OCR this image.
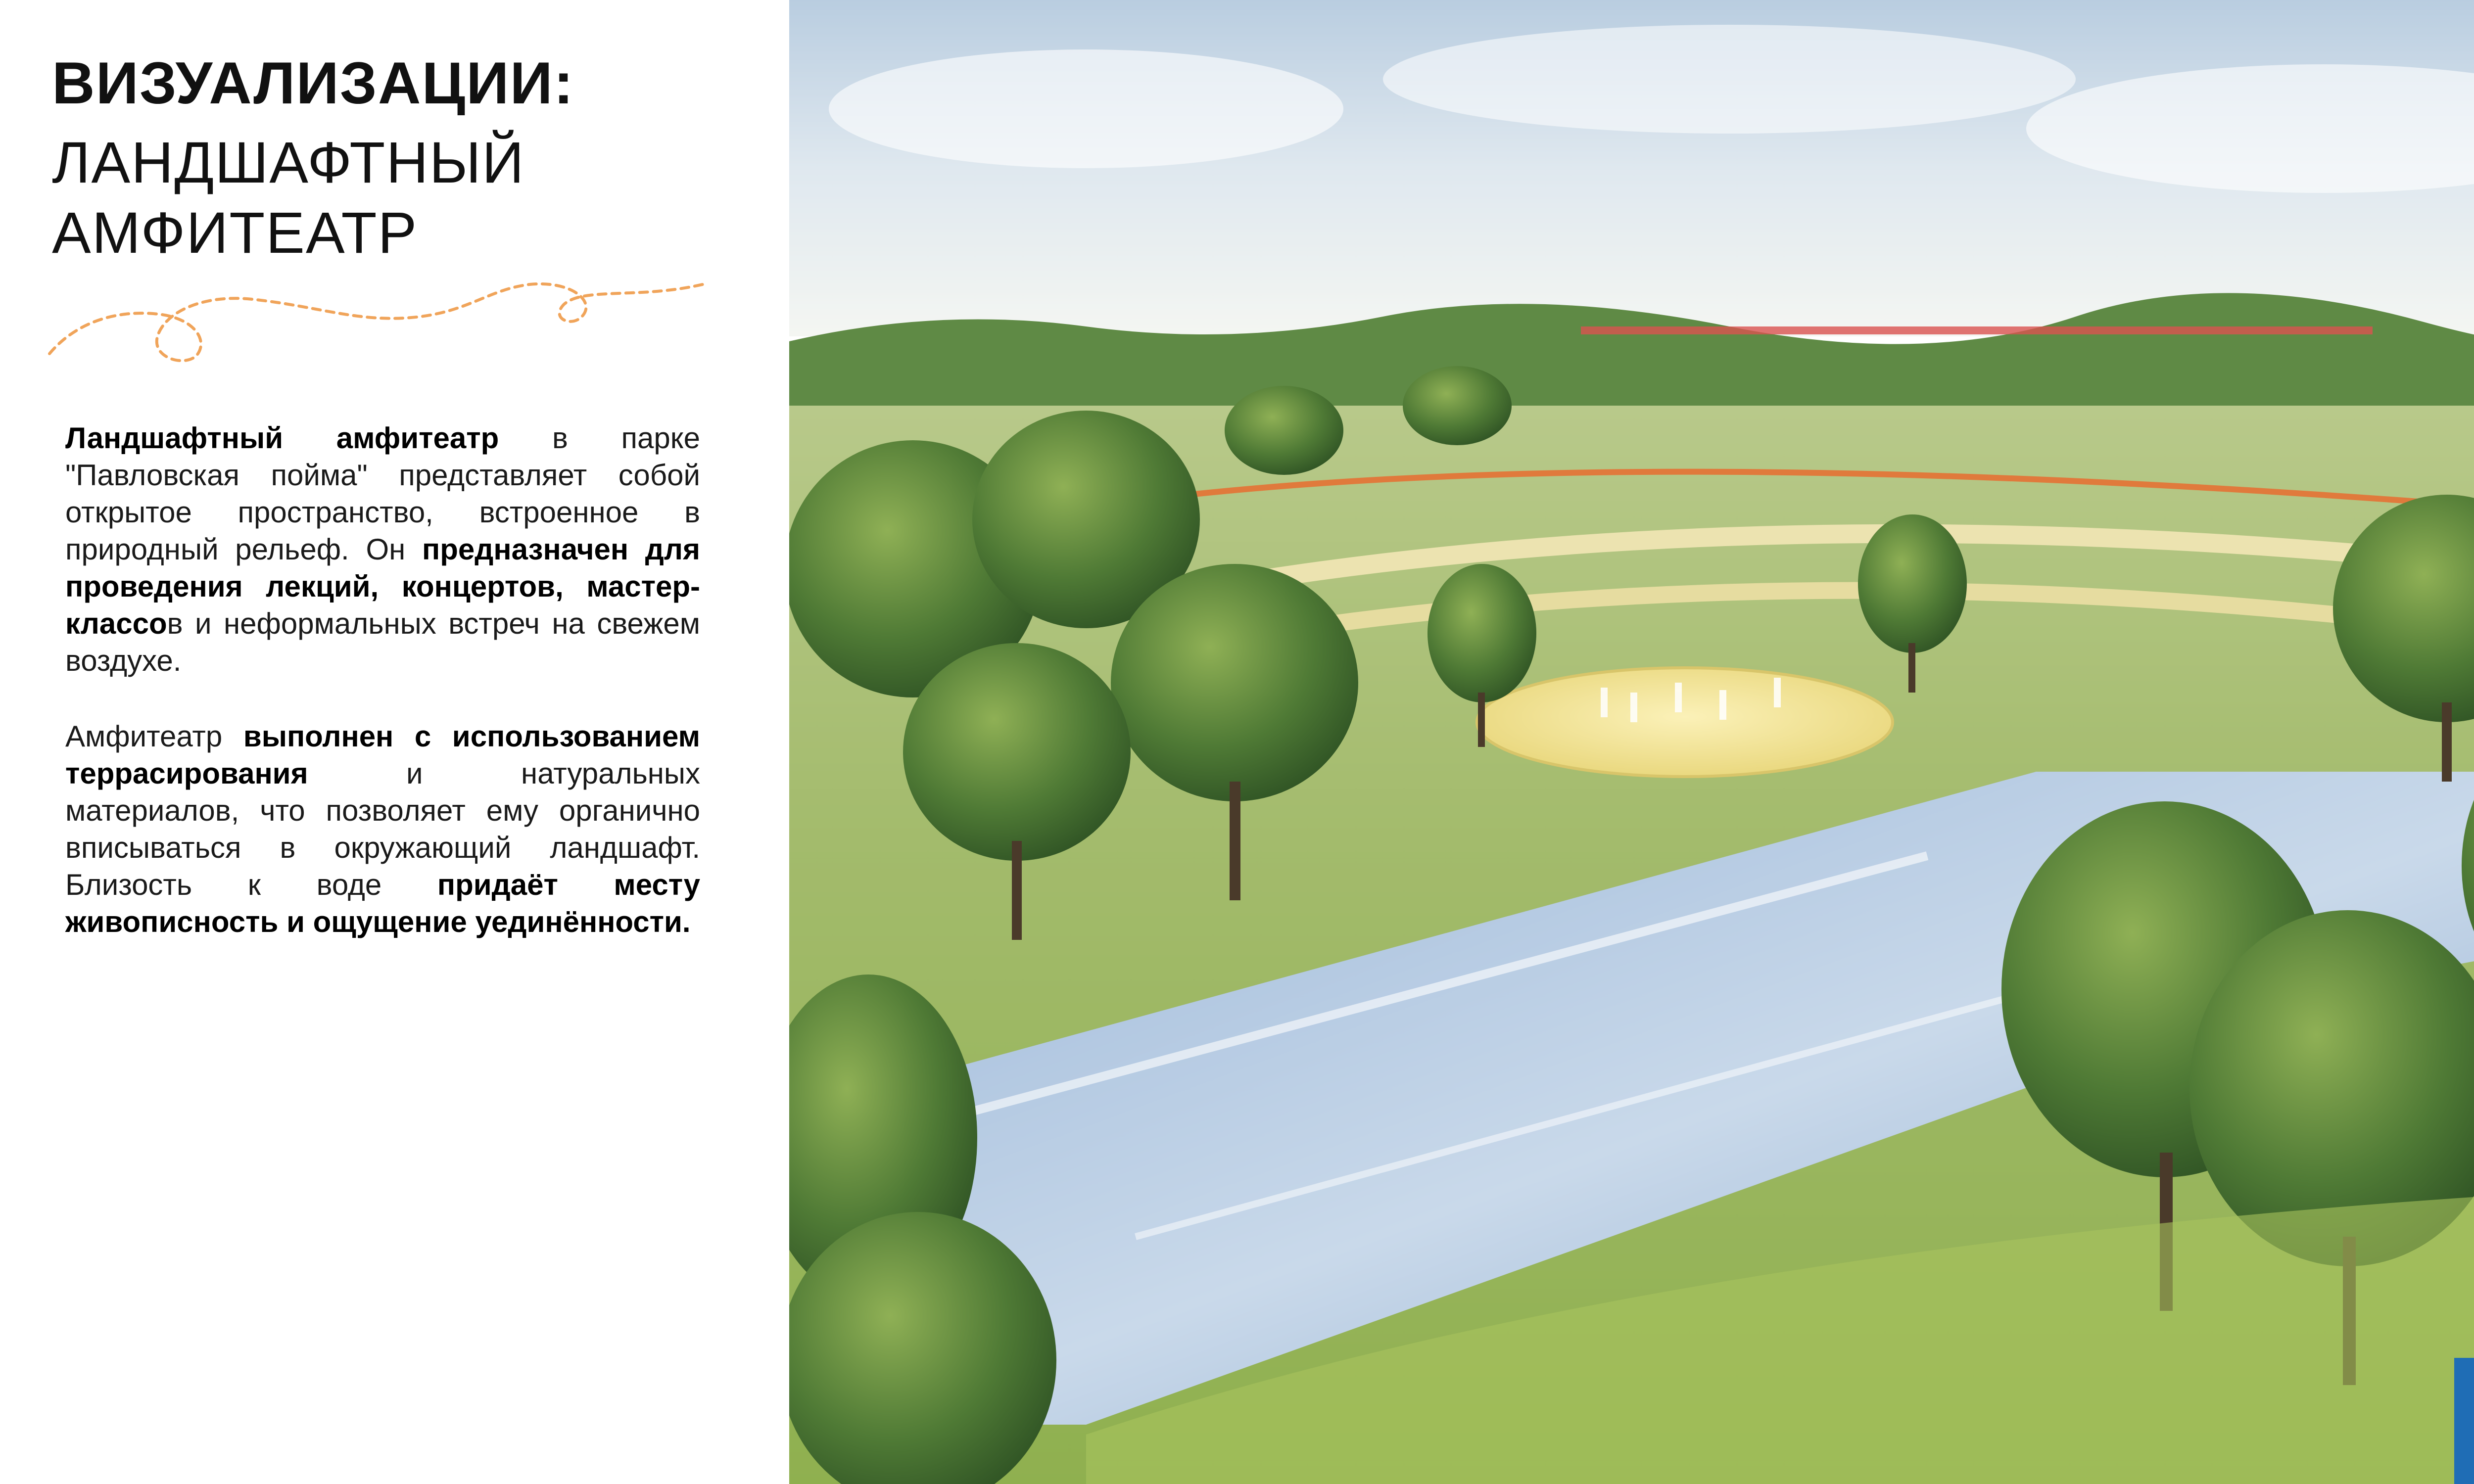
ВИЗУАЛИЗАЦИИ:
ЛАНДШАФТНЫЙ
АМФИТЕАТР

Ландшафтный амфитеатр в парке "Павловская пойма" представляет собой открытое пространство, встроенное в природный рельеф. Он предназначен для проведения лекций, концертов, мастер-классов и неформальных встреч на свежем воздухе.

Амфитеатр выполнен с использованием террасирования и натуральных материалов, что позволяет ему органично вписываться в окружающий ландшафт. Близость к воде придаёт месту живописность и ощущение уединённости.
